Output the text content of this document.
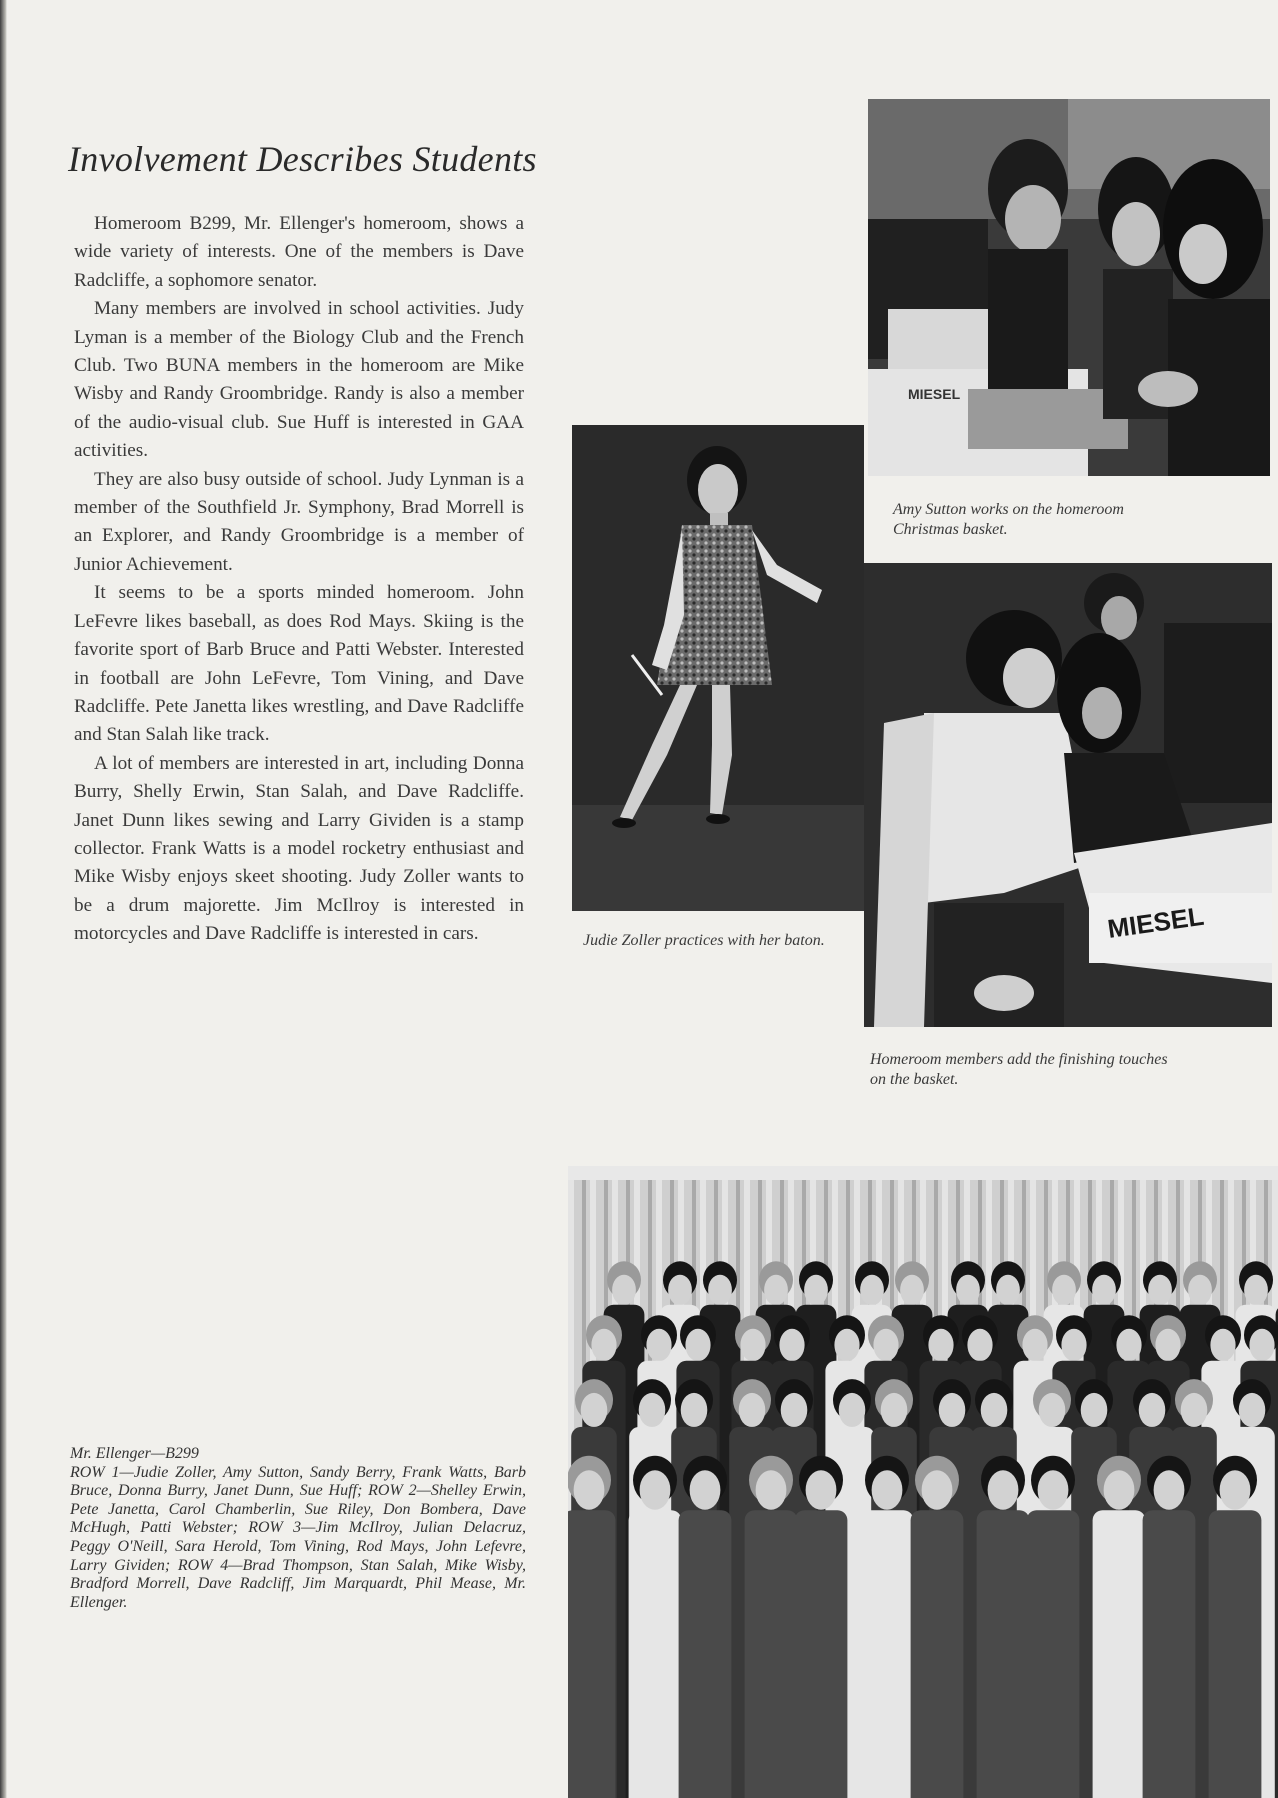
Involvement Describes Students

Homeroom B299, Mr. Ellenger's homeroom, shows a wide variety of interests. One of the members is Dave Radcliffe, a sophomore senator.

Many members are involved in school activities. Judy Lyman is a member of the Biology Club and the French Club. Two BUNA members in the homeroom are Mike Wisby and Randy Groombridge. Randy is also a member of the audio-visual club. Sue Huff is interested in GAA activities.

They are also busy outside of school. Judy Lynman is a member of the Southfield Jr. Symphony, Brad Morrell is an Explorer, and Randy Groombridge is a member of Junior Achievement.

It seems to be a sports minded homeroom. John LeFevre likes baseball, as does Rod Mays. Skiing is the favorite sport of Barb Bruce and Patti Webster. Interested in football are John LeFevre, Tom Vining, and Dave Radcliffe. Pete Janetta likes wrestling, and Dave Radcliffe and Stan Salah like track.

A lot of members are interested in art, including Donna Burry, Shelly Erwin, Stan Salah, and Dave Radcliffe. Janet Dunn likes sewing and Larry Gividen is a stamp collector. Frank Watts is a model rocketry enthusiast and Mike Wisby enjoys skeet shooting. Judy Zoller wants to be a drum majorette. Jim McIlroy is interested in motorcycles and Dave Radcliffe is interested in cars.

MIESEL

Amy Sutton works on the homeroom Christmas basket.

Judie Zoller practices with her baton.	MIESEL

Homeroom members add the finishing touches on the basket.

Mr. Ellenger—B299
ROW 1—Judie Zoller, Amy Sutton, Sandy Berry, Frank Watts, Barb Bruce, Donna Burry, Janet Dunn, Sue Huff; ROW 2—Shelley Erwin, Pete Janetta, Carol Chamberlin, Sue Riley, Don Bombera, Dave McHugh, Patti Webster; ROW 3—Jim McIlroy, Julian Delacruz, Peggy O'Neill, Sara Herold, Tom Vining, Rod Mays, John Lefevre, Larry Gividen; ROW 4—Brad Thompson, Stan Salah, Mike Wisby, Bradford Morrell, Dave Radcliff, Jim Marquardt, Phil Mease, Mr. Ellenger.
